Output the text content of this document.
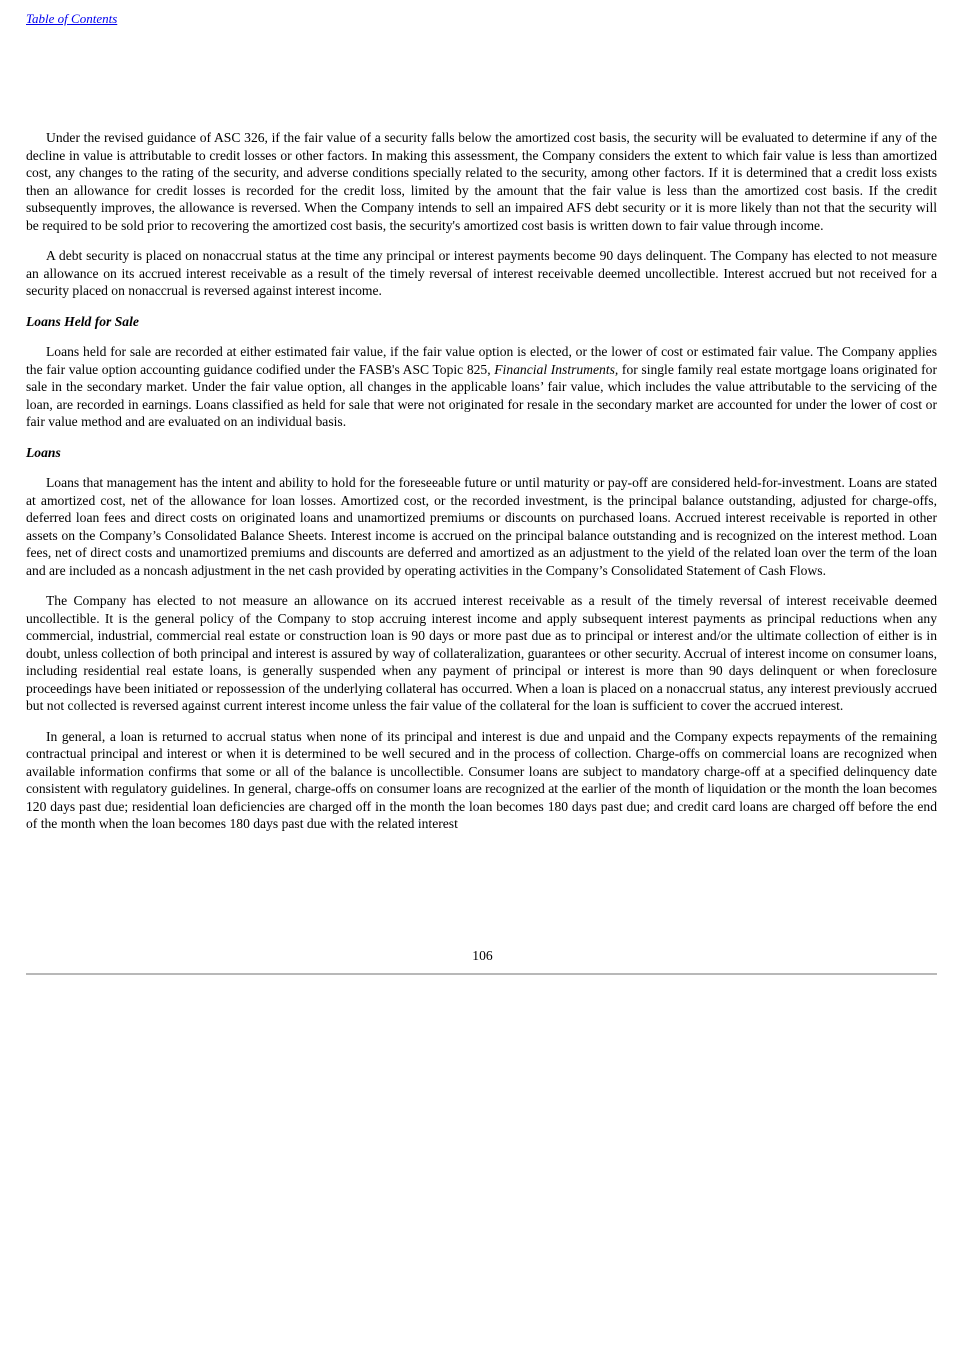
Table of Contents

Under the revised guidance of ASC 326, if the fair value of a security falls below the amortized cost basis, the security will be evaluated to determine if any of the decline in value is attributable to credit losses or other factors. In making this assessment, the Company considers the extent to which fair value is less than amortized cost, any changes to the rating of the security, and adverse conditions specially related to the security, among other factors. If it is determined that a credit loss exists then an allowance for credit losses is recorded for the credit loss, limited by the amount that the fair value is less than the amortized cost basis. If the credit subsequently improves, the allowance is reversed. When the Company intends to sell an impaired AFS debt security or it is more likely than not that the security will be required to be sold prior to recovering the amortized cost basis, the security's amortized cost basis is written down to fair value through income.

A debt security is placed on nonaccrual status at the time any principal or interest payments become 90 days delinquent. The Company has elected to not measure an allowance on its accrued interest receivable as a result of the timely reversal of interest receivable deemed uncollectible. Interest accrued but not received for a security placed on nonaccrual is reversed against interest income.

Loans Held for Sale

Loans held for sale are recorded at either estimated fair value, if the fair value option is elected, or the lower of cost or estimated fair value. The Company applies the fair value option accounting guidance codified under the FASB's ASC Topic 825, Financial Instruments, for single family real estate mortgage loans originated for sale in the secondary market. Under the fair value option, all changes in the applicable loans’ fair value, which includes the value attributable to the servicing of the loan, are recorded in earnings. Loans classified as held for sale that were not originated for resale in the secondary market are accounted for under the lower of cost or fair value method and are evaluated on an individual basis.

Loans

Loans that management has the intent and ability to hold for the foreseeable future or until maturity or pay-off are considered held-for-investment. Loans are stated at amortized cost, net of the allowance for loan losses. Amortized cost, or the recorded investment, is the principal balance outstanding, adjusted for charge-offs, deferred loan fees and direct costs on originated loans and unamortized premiums or discounts on purchased loans. Accrued interest receivable is reported in other assets on the Company’s Consolidated Balance Sheets. Interest income is accrued on the principal balance outstanding and is recognized on the interest method. Loan fees, net of direct costs and unamortized premiums and discounts are deferred and amortized as an adjustment to the yield of the related loan over the term of the loan and are included as a noncash adjustment in the net cash provided by operating activities in the Company’s Consolidated Statement of Cash Flows.

The Company has elected to not measure an allowance on its accrued interest receivable as a result of the timely reversal of interest receivable deemed uncollectible. It is the general policy of the Company to stop accruing interest income and apply subsequent interest payments as principal reductions when any commercial, industrial, commercial real estate or construction loan is 90 days or more past due as to principal or interest and/or the ultimate collection of either is in doubt, unless collection of both principal and interest is assured by way of collateralization, guarantees or other security. Accrual of interest income on consumer loans, including residential real estate loans, is generally suspended when any payment of principal or interest is more than 90 days delinquent or when foreclosure proceedings have been initiated or repossession of the underlying collateral has occurred. When a loan is placed on a nonaccrual status, any interest previously accrued but not collected is reversed against current interest income unless the fair value of the collateral for the loan is sufficient to cover the accrued interest.

In general, a loan is returned to accrual status when none of its principal and interest is due and unpaid and the Company expects repayments of the remaining contractual principal and interest or when it is determined to be well secured and in the process of collection. Charge-offs on commercial loans are recognized when available information confirms that some or all of the balance is uncollectible. Consumer loans are subject to mandatory charge-off at a specified delinquency date consistent with regulatory guidelines. In general, charge-offs on consumer loans are recognized at the earlier of the month of liquidation or the month the loan becomes 120 days past due; residential loan deficiencies are charged off in the month the loan becomes 180 days past due; and credit card loans are charged off before the end of the month when the loan becomes 180 days past due with the related interest

106
